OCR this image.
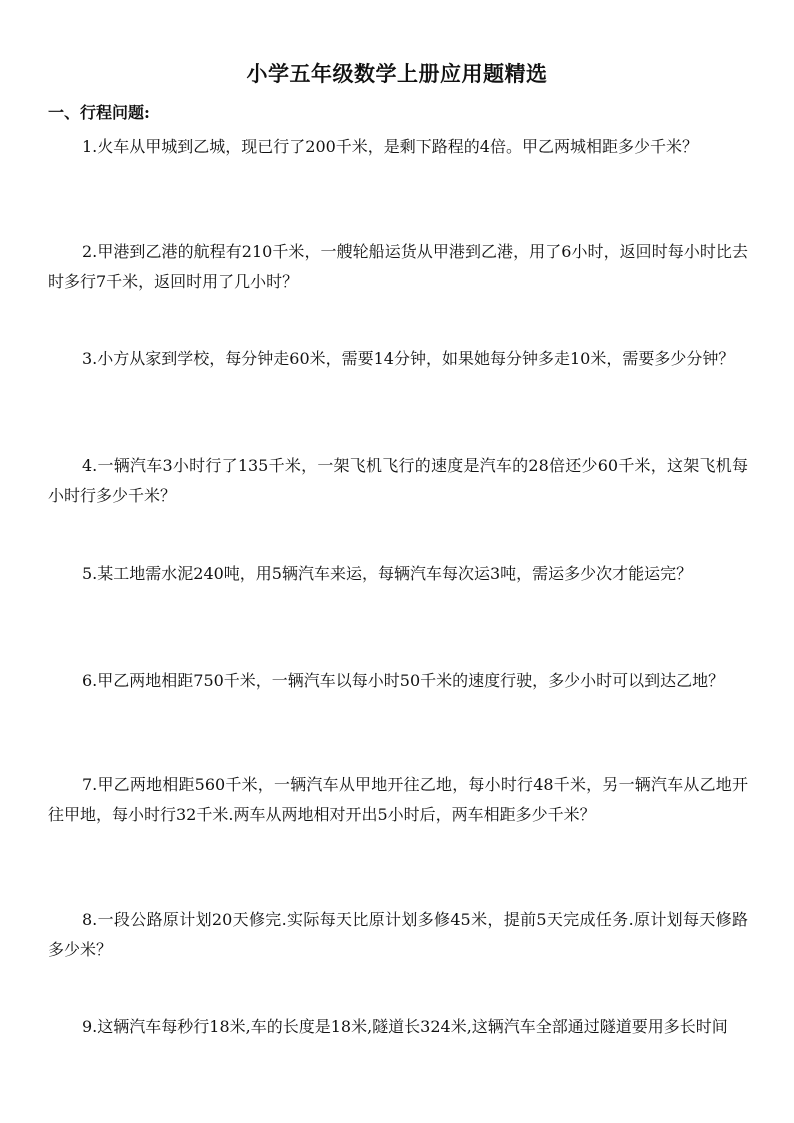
小学五年级数学上册应用题精选
一、行程问题:

1.火车从甲城到乙城，现已行了200千米，是剩下路程的4倍。甲乙两城相距多少千米？

2.甲港到乙港的航程有210千米，一艘轮船运货从甲港到乙港，用了6小时，返回时每小时比去时多行7千米，返回时用了几小时？

3.小方从家到学校，每分钟走60米，需要14分钟，如果她每分钟多走10米，需要多少分钟？

4.一辆汽车3小时行了135千米，一架飞机飞行的速度是汽车的28倍还少60千米，这架飞机每小时行多少千米？

5.某工地需水泥240吨，用5辆汽车来运，每辆汽车每次运3吨，需运多少次才能运完？

6.甲乙两地相距750千米，一辆汽车以每小时50千米的速度行驶，多少小时可以到达乙地？

7.甲乙两地相距560千米，一辆汽车从甲地开往乙地，每小时行48千米，另一辆汽车从乙地开往甲地，每小时行32千米.两车从两地相对开出5小时后，两车相距多少千米？

8.一段公路原计划20天修完.实际每天比原计划多修45米，提前5天完成任务.原计划每天修路多少米？

9.这辆汽车每秒行18米,车的长度是18米,隧道长324米,这辆汽车全部通过隧道要用多长时间
